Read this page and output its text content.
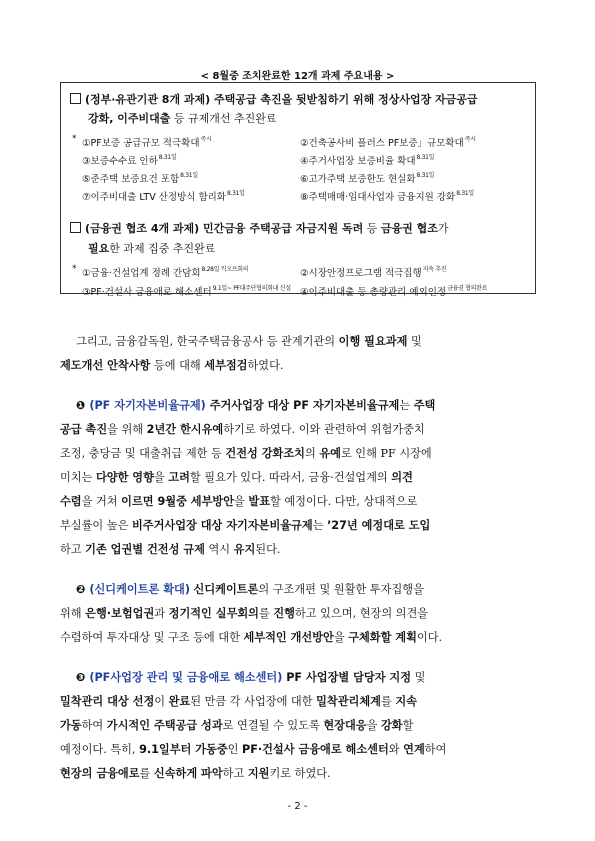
< 8월중 조치완료한 12개 과제 주요내용 >
(정부·유관기관 8개 과제) 주택공급 촉진을 뒷받침하기 위해 정상사업장 자금공급
강화, 이주비대출 등 규제개선 추진완료
* ①PF보증 공급규모 적극확대$^{즉시}$	②건축공사비 플러스 PF보증」규모확대$^{즉시}$
③보증수수료 인하$^{8.31일}$	④주거사업장 보증비율 확대$^{8.31일}$
⑤준주택 보증요건 포함$^{8.31일}$	⑥고가주택 보증한도 현실화$^{8.31일}$
⑦이주비대출 LTV 산정방식 합리화$^{8.31일}$	⑧주택매매·임대사업자 금융지원 강화$^{8.31일}$
(금융권 협조 4개 과제) 민간금융 주택공급 자금지원 독려 등 금융권 협조가
필요한 과제 집중 추진완료
* ①금융·건설업계 정례 간담회$^{8.28일 킥오프회의}$	②시장안정프로그램 적극집행$^{지속 추진}$
③PF·건설사 금융애로 해소센터$^{9.1일\sim PF대주단협의회내 신설}$ ④이주비대출 등 총량관리 예외인정$^{금융권 협의완료}$
그리고, 금융감독원, 한국주택금융공사 등 관계기관의 이행 필요과제 및
제도개선 안착사항 등에 대해 세부점검하였다.
❶ (PF 자기자본비율규제) 주거사업장 대상 PF 자기자본비율규제는 주택
공급 촉진을 위해 2년간 한시유예하기로 하였다. 이와 관련하여 위험가중치
조정, 충당금 및 대출취급 제한 등 건전성 강화조치의 유예로 인해 PF 시장에
미치는 다양한 영향을 고려할 필요가 있다. 따라서, 금융·건설업계의 의견
수렴을 거쳐 이르면 9월중 세부방안을 발표할 예정이다. 다만, 상대적으로
부실률이 높은 비주거사업장 대상 자기자본비율규제는 ’27년 예정대로 도입
하고 기존 업권별 건전성 규제 역시 유지된다.
❷ (신디케이트론 확대) 신디케이트론의 구조개편 및 원활한 투자집행을
위해 은행·보험업권과 정기적인 실무회의를 진행하고 있으며, 현장의 의견을
수렴하여 투자대상 및 구조 등에 대한 세부적인 개선방안을 구체화할 계획이다.
❸ (PF사업장 관리 및 금융애로 해소센터) PF 사업장별 담당자 지정 및
밀착관리 대상 선정이 완료된 만큼 각 사업장에 대한 밀착관리체계를 지속
가동하여 가시적인 주택공급 성과로 연결될 수 있도록 현장대응을 강화할
예정이다. 특히, 9.1일부터 가동중인 PF·건설사 금융애로 해소센터와 연계하여
현장의 금융애로를 신속하게 파악하고 지원키로 하였다.
- 2 -
